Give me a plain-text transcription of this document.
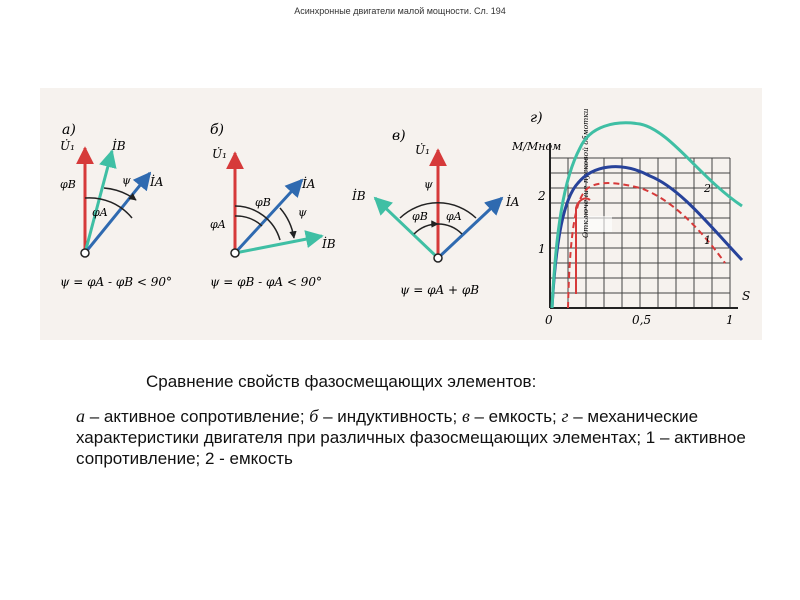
Асинхронные двигатели малой мощности. Сл. 194
а)
U̇₁	İB
İA
φB	ψ
φA
ψ = φA - φB < 90°
б)
U̇₁
İA
İB
φB
ψ
φA
ψ = φB - φA < 90°
в)
U̇₁
İB	İA
ψ
φB φA
ψ = φA + φB
г)
M/Mном	Отключение пусковой обмотки
2
1
0	0,5	1
S
1
2
Сравнение свойств фазосмещающих элементов:
а – активное сопротивление; б – индуктивность; в – емкость; г – механические характеристики двигателя при различных фазосмещающих элементах; 1 – активное сопротивление; 2 - емкость
